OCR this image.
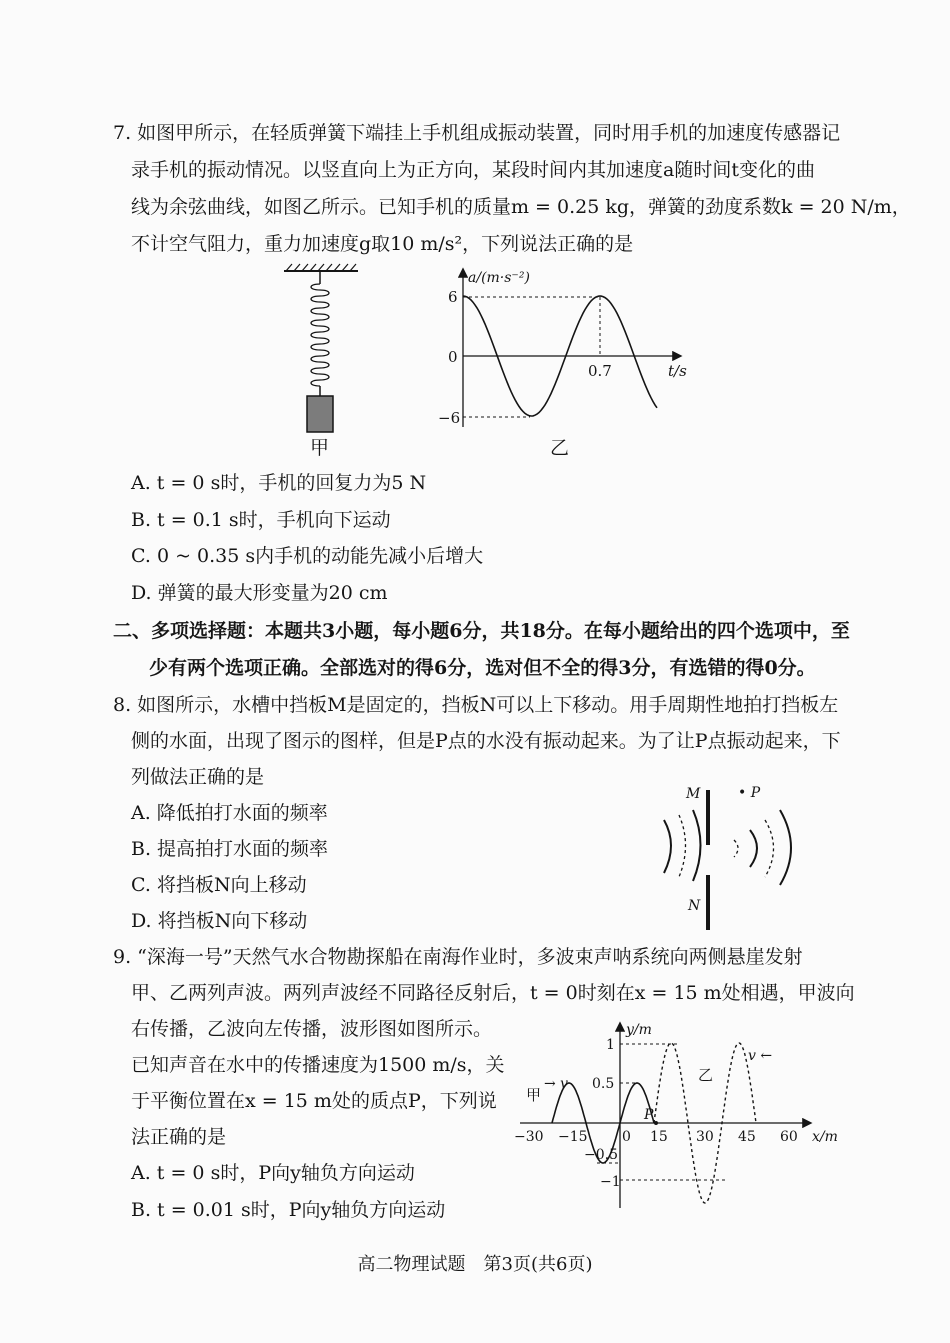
7. 如图甲所示，在轻质弹簧下端挂上手机组成振动装置，同时用手机的加速度传感器记
录手机的振动情况。以竖直向上为正方向，某段时间内其加速度a随时间t变化的曲
线为余弦曲线，如图乙所示。已知手机的质量m = 0.25 kg，弹簧的劲度系数k = 20 N/m，
不计空气阻力，重力加速度g取10 m/s²，下列说法正确的是
甲
a/(m·s⁻²)
6
0
−6
0.7	t/s
乙
A. t = 0 s时，手机的回复力为5 N
B. t = 0.1 s时，手机向下运动
C. 0 ~ 0.35 s内手机的动能先减小后增大
D. 弹簧的最大形变量为20 cm
二、多项选择题：本题共3小题，每小题6分，共18分。在每小题给出的四个选项中，至
少有两个选项正确。全部选对的得6分，选对但不全的得3分，有选错的得0分。
8. 如图所示，水槽中挡板M是固定的，挡板N可以上下移动。用手周期性地拍打挡板左
侧的水面，出现了图示的图样，但是P点的水没有振动起来。为了让P点振动起来，下
列做法正确的是
A. 降低拍打水面的频率
B. 提高拍打水面的频率
C. 将挡板N向上移动
D. 将挡板N向下移动
M
N
• P
9. “深海一号”天然气水合物勘探船在南海作业时，多波束声呐系统向两侧悬崖发射
甲、乙两列声波。两列声波经不同路径反射后，t = 0时刻在x = 15 m处相遇，甲波向
右传播，乙波向左传播，波形图如图所示。
已知声音在水中的传播速度为1500 m/s，关
于平衡位置在x = 15 m处的质点P，下列说
法正确的是
A. t = 0 s时，P向y轴负方向运动
B. t = 0.01 s时，P向y轴负方向运动
y/m
x/m
甲
→ v	乙
v ←
P
1
0.5
−0.5
−1
−30 −15 0 15 30 45 60
高二物理试题　第3页(共6页)
